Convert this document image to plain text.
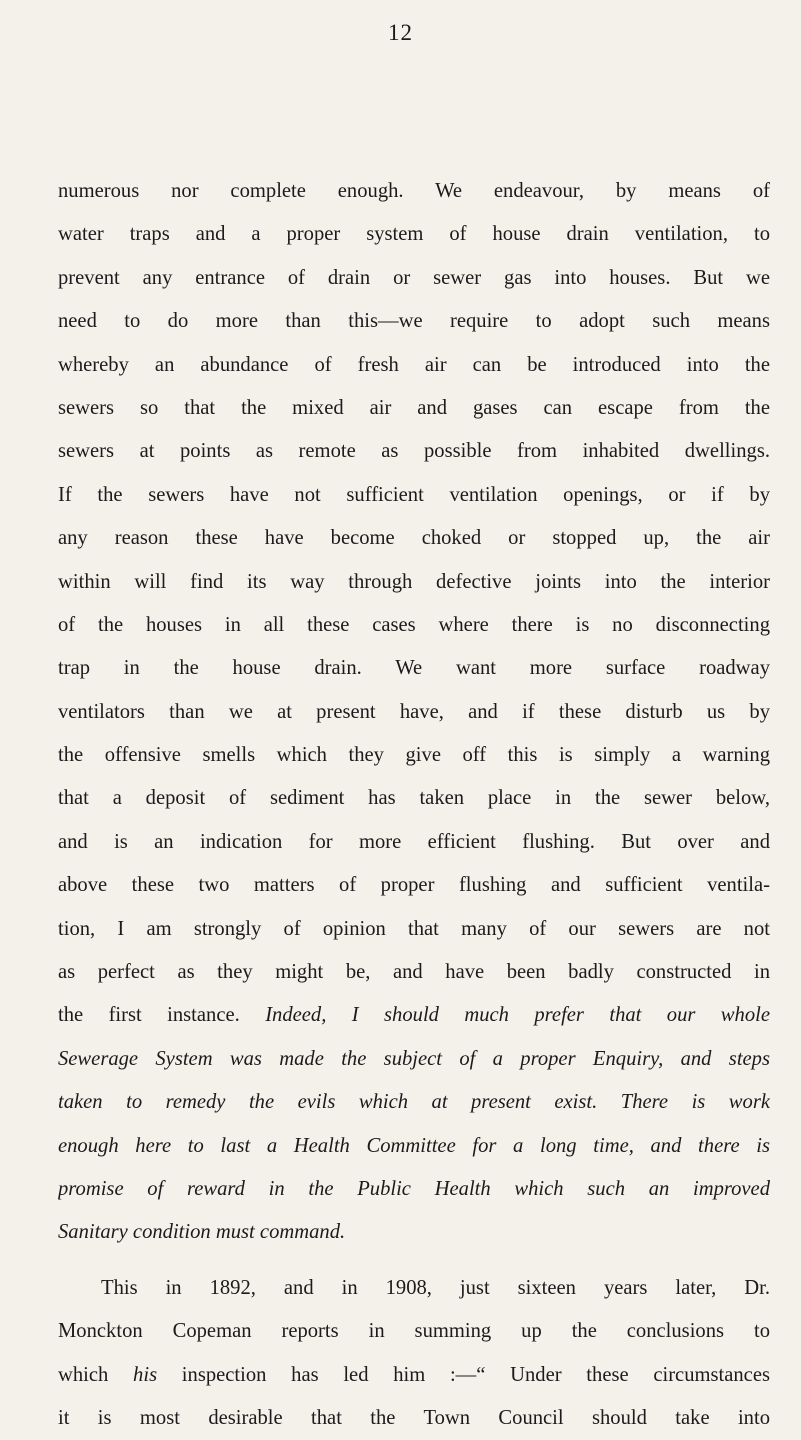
12
numerous nor complete enough. We endeavour, by means of
water traps and a proper system of house drain ventilation, to
prevent any entrance of drain or sewer gas into houses. But we
need to do more than this—we require to adopt such means
whereby an abundance of fresh air can be introduced into the
sewers so that the mixed air and gases can escape from the
sewers at points as remote as possible from inhabited dwellings.
If the sewers have not sufficient ventilation openings, or if by
any reason these have become choked or stopped up, the air
within will find its way through defective joints into the interior
of the houses in all these cases where there is no disconnecting
trap in the house drain. We want more surface roadway
ventilators than we at present have, and if these disturb us by
the offensive smells which they give off this is simply a warning
that a deposit of sediment has taken place in the sewer below,
and is an indication for more efficient flushing. But over and
above these two matters of proper flushing and sufficient ventila-
tion, I am strongly of opinion that many of our sewers are not
as perfect as they might be, and have been badly constructed in
the first instance. Indeed, I should much prefer that our whole
Sewerage System was made the subject of a proper Enquiry, and steps
taken to remedy the evils which at present exist. There is work
enough here to last a Health Committee for a long time, and there is
promise of reward in the Public Health which such an improved
Sanitary condition must command.
This in 1892, and in 1908, just sixteen years later, Dr.
Monckton Copeman reports in summing up the conclusions to
which his inspection has led him :—“ Under these circumstances
it is most desirable that the Town Council should take into
